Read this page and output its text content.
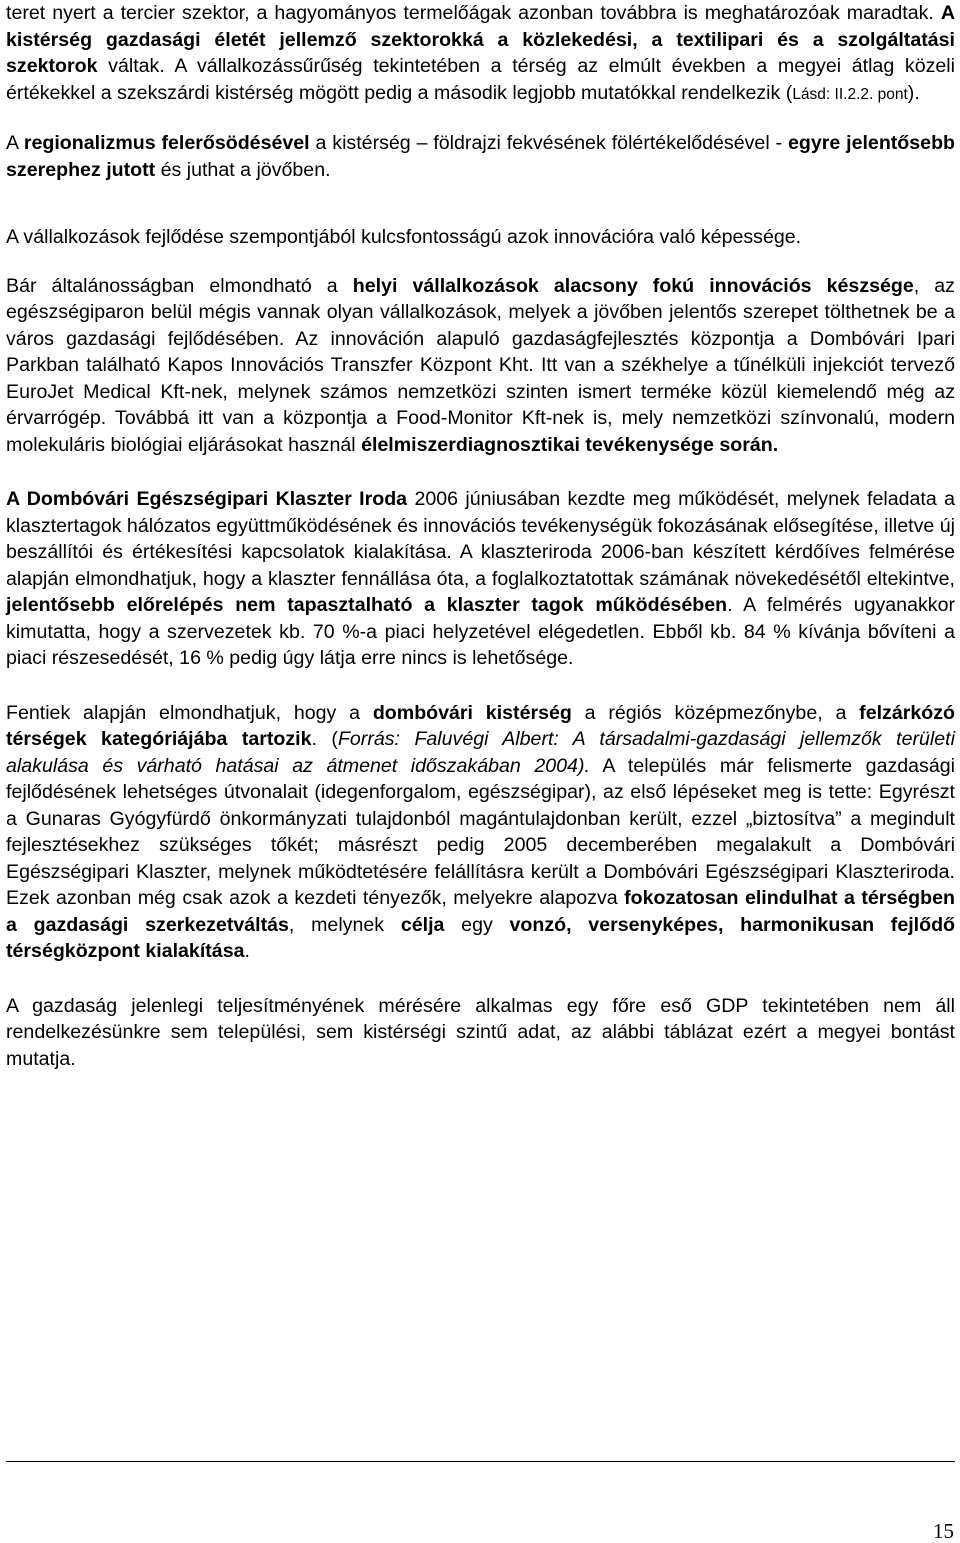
teret nyert a tercier szektor, a hagyományos termelőágak azonban továbbra is meghatározóak maradtak. A kistérség gazdasági életét jellemző szektorokká a közlekedési, a textilipari és a szolgáltatási szektorok váltak. A vállalkozássűrűség tekintetében a térség az elmúlt években a megyei átlag közeli értékekkel a szekszárdi kistérség mögött pedig a második legjobb mutatókkal rendelkezik (Lásd: II.2.2. pont).

A regionalizmus felerősödésével a kistérség – földrajzi fekvésének fölértékelődésével - egyre jelentősebb szerephez jutott és juthat a jövőben.

A vállalkozások fejlődése szempontjából kulcsfontosságú azok innovációra való képessége.

Bár általánosságban elmondható a helyi vállalkozások alacsony fokú innovációs készsége, az egészségiparon belül mégis vannak olyan vállalkozások, melyek a jövőben jelentős szerepet tölthetnek be a város gazdasági fejlődésében. Az innováción alapuló gazdaságfejlesztés központja a Dombóvári Ipari Parkban található Kapos Innovációs Transzfer Központ Kht. Itt van a székhelye a tűnélküli injekciót tervező EuroJet Medical Kft-nek, melynek számos nemzetközi szinten ismert terméke közül kiemelendő még az érvarrógép. Továbbá itt van a központja a Food-Monitor Kft-nek is, mely nemzetközi színvonalú, modern molekuláris biológiai eljárásokat használ élelmiszerdiagnosztikai tevékenysége során.

A Dombóvári Egészségipari Klaszter Iroda 2006 júniusában kezdte meg működését, melynek feladata a klasztertagok hálózatos együttműködésének és innovációs tevékenységük fokozásának elősegítése, illetve új beszállítói és értékesítési kapcsolatok kialakítása. A klaszteriroda 2006-ban készített kérdőíves felmérése alapján elmondhatjuk, hogy a klaszter fennállása óta, a foglalkoztatottak számának növekedésétől eltekintve, jelentősebb előrelépés nem tapasztalható a klaszter tagok működésében. A felmérés ugyanakkor kimutatta, hogy a szervezetek kb. 70 %-a piaci helyzetével elégedetlen. Ebből kb. 84 % kívánja bővíteni a piaci részesedését, 16 % pedig úgy látja erre nincs is lehetősége.

Fentiek alapján elmondhatjuk, hogy a dombóvári kistérség a régiós középmezőnybe, a felzárkózó térségek kategóriájába tartozik. (Forrás: Faluvégi Albert: A társadalmi-gazdasági jellemzők területi alakulása és várható hatásai az átmenet időszakában 2004). A település már felismerte gazdasági fejlődésének lehetséges útvonalait (idegenforgalom, egészségipar), az első lépéseket meg is tette: Egyrészt a Gunaras Gyógyfürdő önkormányzati tulajdonból magántulajdonban került, ezzel „biztosítva” a megindult fejlesztésekhez szükséges tőkét; másrészt pedig 2005 decemberében megalakult a Dombóvári Egészségipari Klaszter, melynek működtetésére felállításra került a Dombóvári Egészségipari Klaszteriroda. Ezek azonban még csak azok a kezdeti tényezők, melyekre alapozva fokozatosan elindulhat a térségben a gazdasági szerkezetváltás, melynek célja egy vonzó, versenyképes, harmonikusan fejlődő térségközpont kialakítása.

A gazdaság jelenlegi teljesítményének mérésére alkalmas egy főre eső GDP tekintetében nem áll rendelkezésünkre sem települési, sem kistérségi szintű adat, az alábbi táblázat ezért a megyei bontást mutatja.

15
